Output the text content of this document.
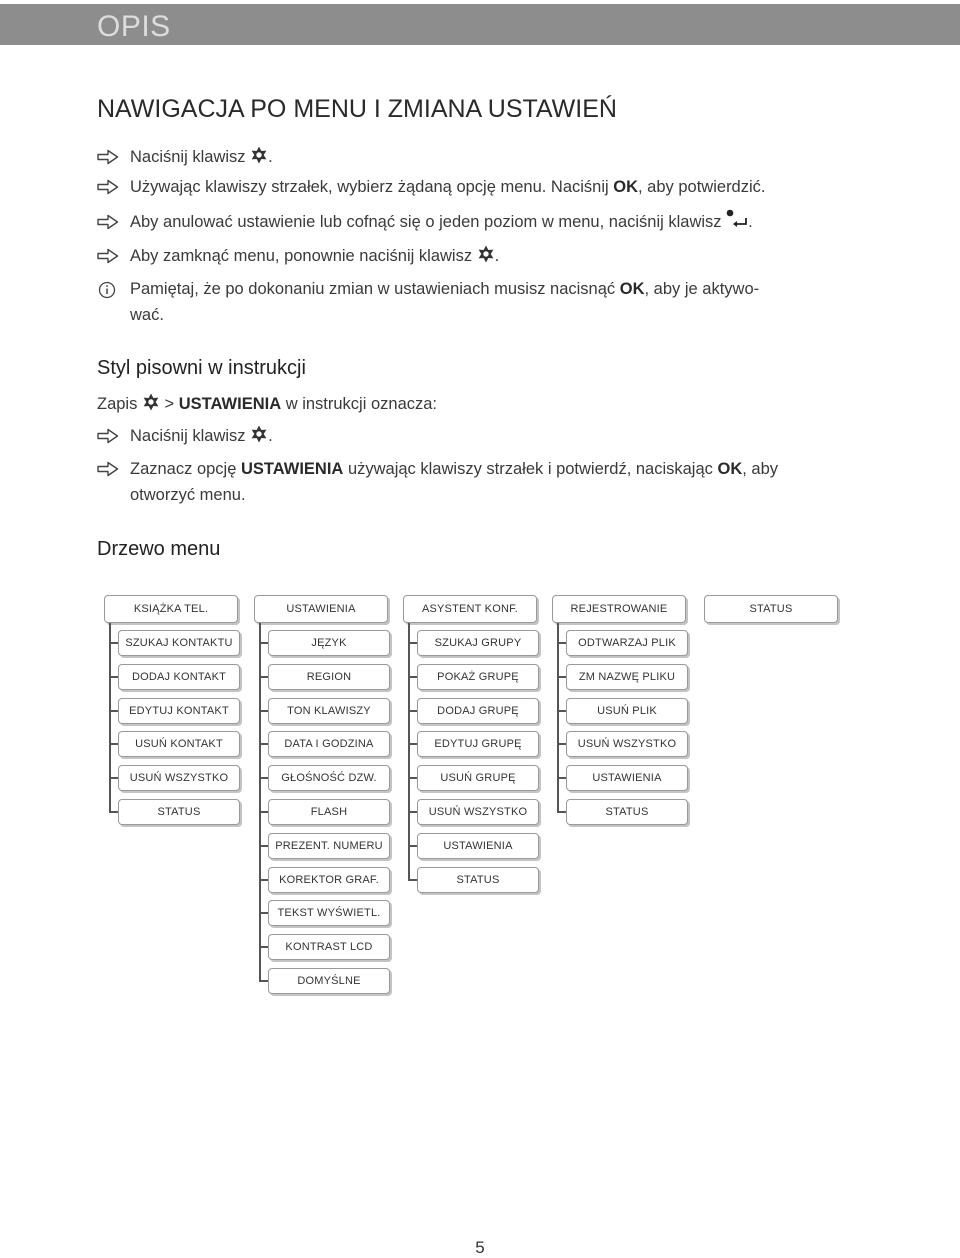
OPIS
NAWIGACJA PO MENU I ZMIANA USTAWIEŃ
Naciśnij klawisz .
Używając klawiszy strzałek, wybierz żądaną opcję menu. Naciśnij OK, aby potwierdzić.
Aby anulować ustawienie lub cofnąć się o jeden poziom w menu, naciśnij klawisz .
Aby zamknąć menu, ponownie naciśnij klawisz .
Pamiętaj, że po dokonaniu zmian w ustawieniach musisz nacisnąć OK, aby je aktywo-
wać.
Styl pisowni w instrukcji
Zapis  > USTAWIENIA w instrukcji oznacza:
Naciśnij klawisz .
Zaznacz opcję USTAWIENIA używając klawiszy strzałek i potwierdź, naciskając OK, aby
otworzyć menu.
Drzewo menu
KSIĄŻKA TEL.
SZUKAJ KONTAKTU
DODAJ KONTAKT
EDYTUJ KONTAKT
USUŃ KONTAKT
USUŃ WSZYSTKO
STATUS
USTAWIENIA
JĘZYK
REGION
TON KLAWISZY
DATA I GODZINA
GŁOŚNOŚĆ DZW.
FLASH
PREZENT. NUMERU
KOREKTOR GRAF.
TEKST WYŚWIETL.
KONTRAST LCD
DOMYŚLNE
ASYSTENT KONF.
SZUKAJ GRUPY
POKAŻ GRUPĘ
DODAJ GRUPĘ
EDYTUJ GRUPĘ
USUŃ GRUPĘ
USUŃ WSZYSTKO
USTAWIENIA
STATUS
REJESTROWANIE
ODTWARZAJ PLIK
ZM NAZWĘ PLIKU
USUŃ PLIK
USUŃ WSZYSTKO
USTAWIENIA
STATUS
STATUS
5
